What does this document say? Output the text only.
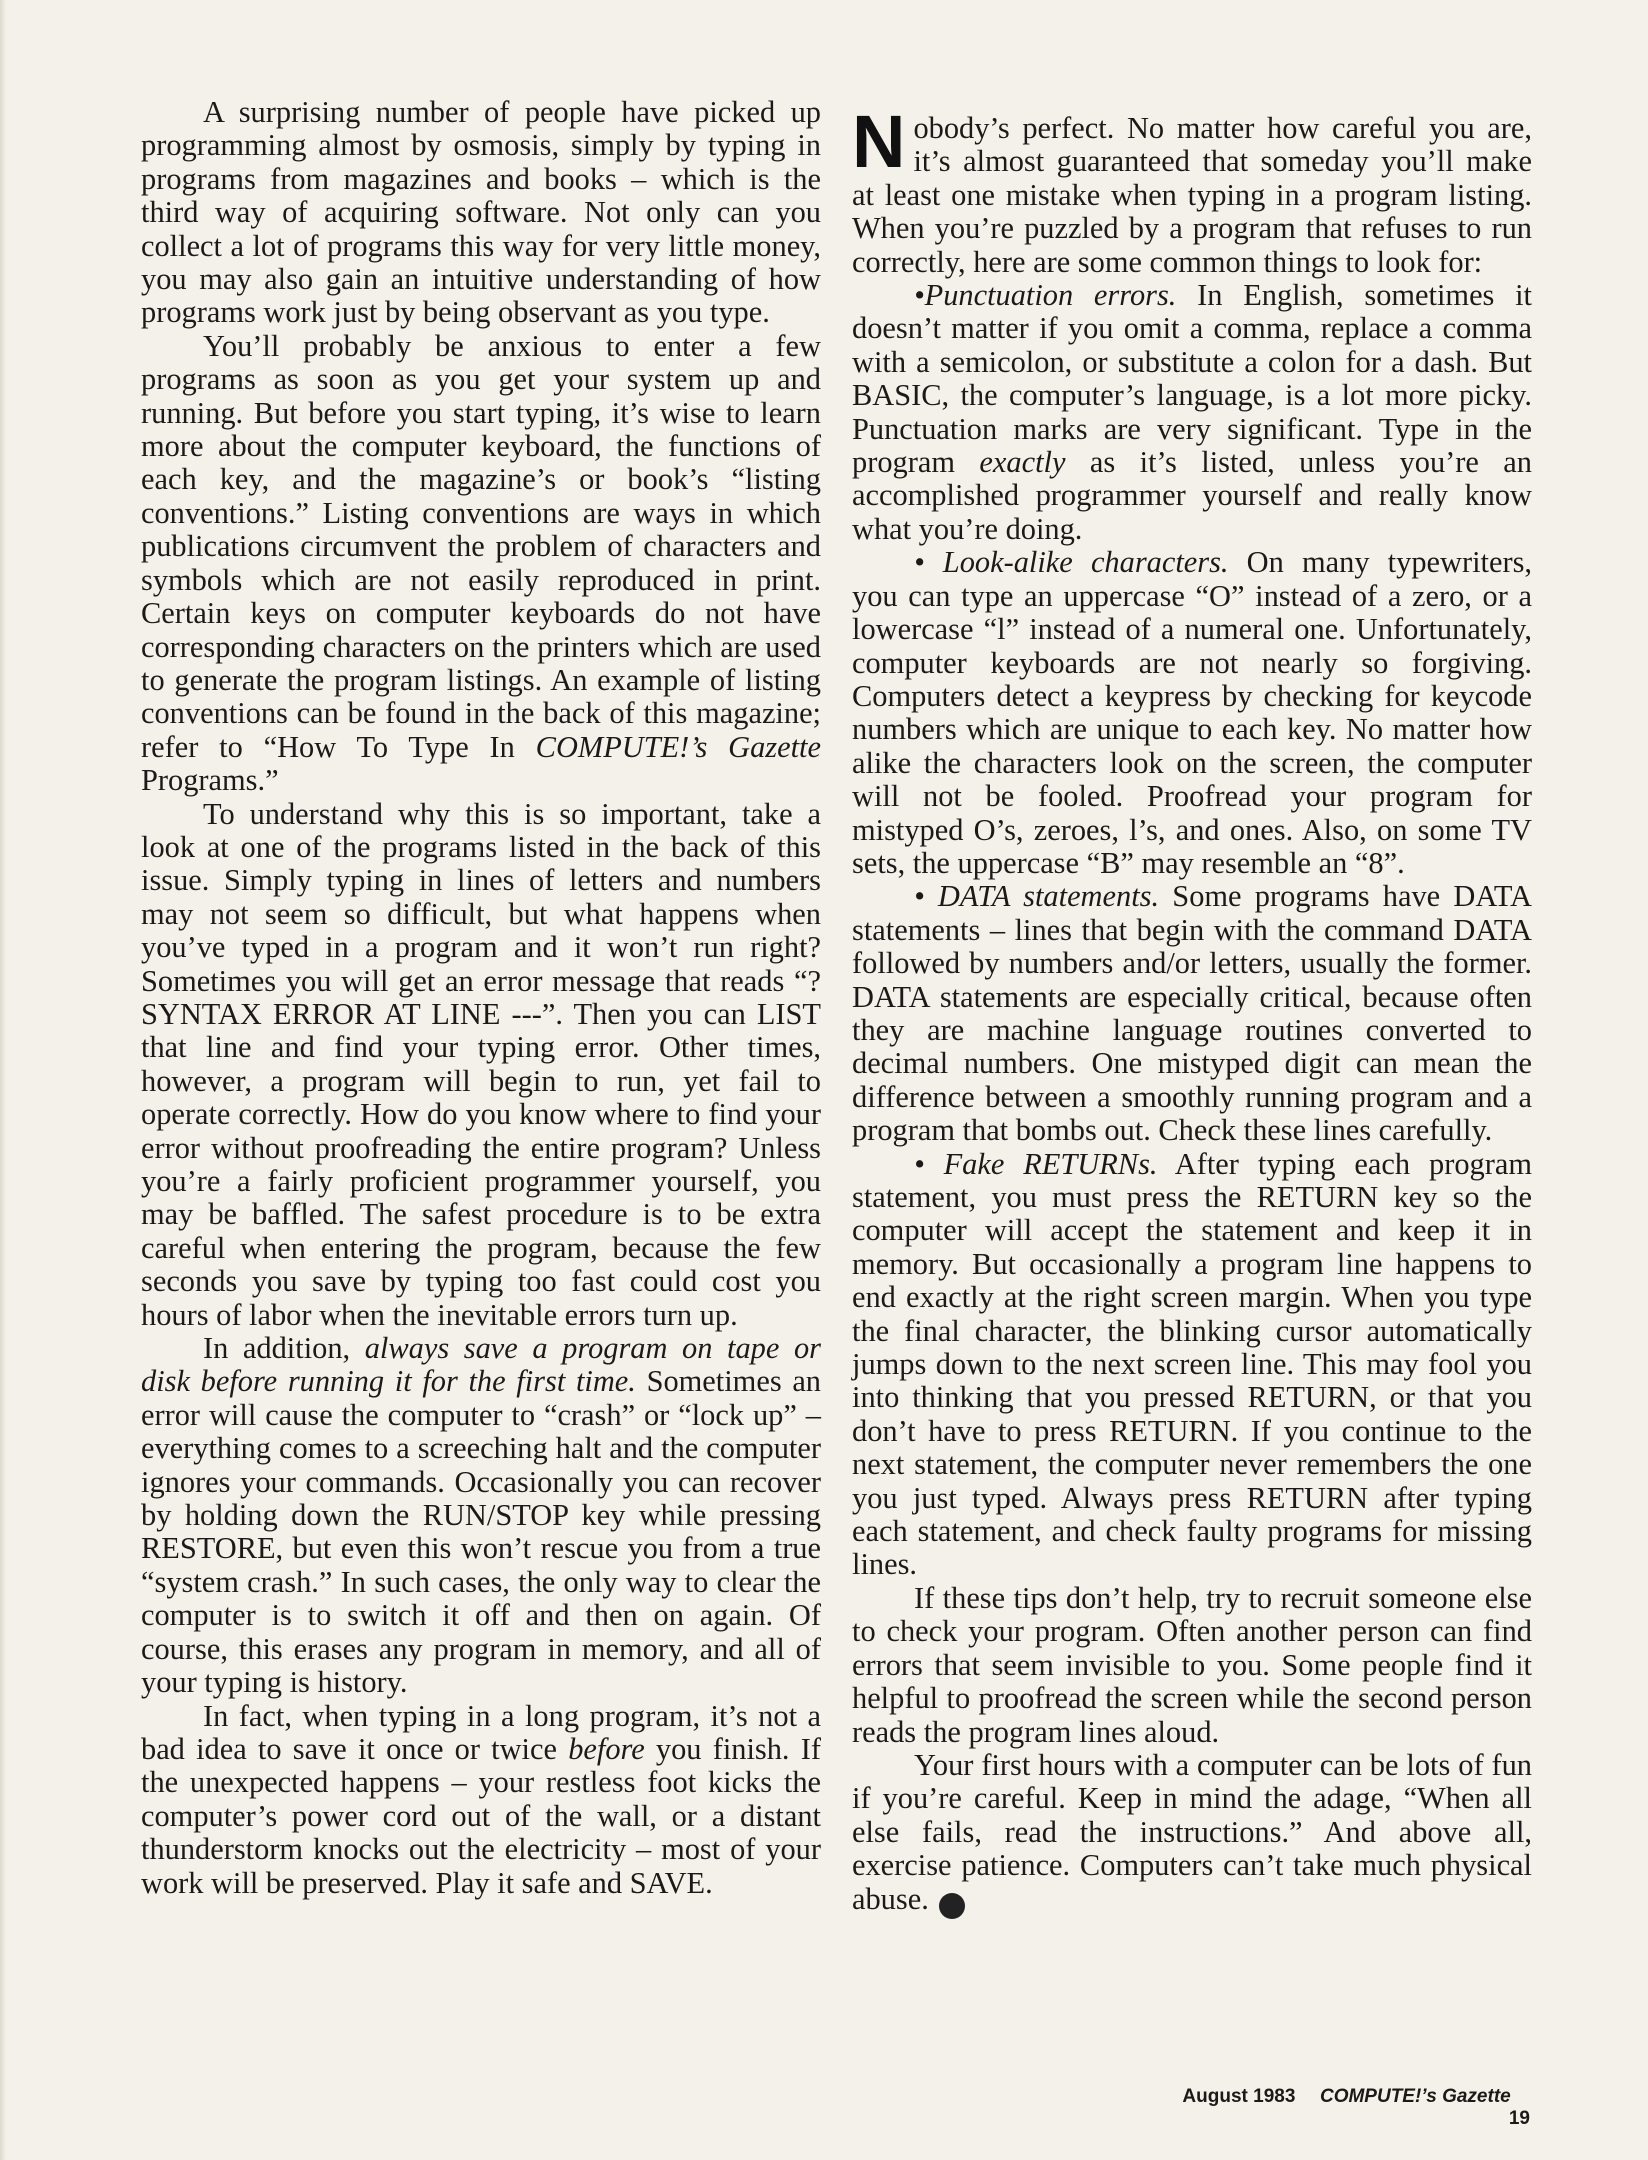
A surprising number of people have picked up programming almost by osmosis, simply by typing in programs from magazines and books – which is the third way of acquiring software. Not only can you collect a lot of programs this way for very little money, you may also gain an intuitive understanding of how programs work just by being observant as you type.

You’ll probably be anxious to enter a few programs as soon as you get your system up and running. But before you start typing, it’s wise to learn more about the computer keyboard, the functions of each key, and the magazine’s or book’s “listing conventions.” Listing conventions are ways in which publications circumvent the problem of characters and symbols which are not easily reproduced in print. Certain keys on computer keyboards do not have corresponding characters on the printers which are used to generate the program listings. An example of listing conventions can be found in the back of this magazine; refer to “How To Type In COMPUTE!’s Gazette Programs.”

To understand why this is so important, take a look at one of the programs listed in the back of this issue. Simply typing in lines of letters and numbers may not seem so difficult, but what happens when you’ve typed in a program and it won’t run right? Sometimes you will get an error message that reads “?SYNTAX ERROR AT LINE ---”. Then you can LIST that line and find your typing error. Other times, however, a program will begin to run, yet fail to operate correctly. How do you know where to find your error without proofreading the entire program? Unless you’re a fairly proficient programmer yourself, you may be baffled. The safest procedure is to be extra careful when entering the program, because the few seconds you save by typing too fast could cost you hours of labor when the inevitable errors turn up.

In addition, always save a program on tape or disk before running it for the first time. Sometimes an error will cause the computer to “crash” or “lock up” – everything comes to a screeching halt and the computer ignores your commands. Occasionally you can recover by holding down the RUN/STOP key while pressing RESTORE, but even this won’t rescue you from a true “system crash.” In such cases, the only way to clear the computer is to switch it off and then on again. Of course, this erases any program in memory, and all of your typing is history.

In fact, when typing in a long program, it’s not a bad idea to save it once or twice before you finish. If the unexpected happens – your restless foot kicks the computer’s power cord out of the wall, or a distant thunderstorm knocks out the electricity – most of your work will be preserved. Play it safe and SAVE.

Nobody’s perfect. No matter how careful you are, it’s almost guaranteed that someday you’ll make at least one mistake when typing in a program listing. When you’re puzzled by a program that refuses to run correctly, here are some common things to look for:

•Punctuation errors. In English, sometimes it doesn’t matter if you omit a comma, replace a comma with a semicolon, or substitute a colon for a dash. But BASIC, the computer’s language, is a lot more picky. Punctuation marks are very significant. Type in the program exactly as it’s listed, unless you’re an accomplished programmer yourself and really know what you’re doing.

• Look-alike characters. On many typewriters, you can type an uppercase “O” instead of a zero, or a lowercase “l” instead of a numeral one. Unfortunately, computer keyboards are not nearly so forgiving. Computers detect a keypress by checking for keycode numbers which are unique to each key. No matter how alike the characters look on the screen, the computer will not be fooled. Proofread your program for mistyped O’s, zeroes, l’s, and ones. Also, on some TV sets, the uppercase “B” may resemble an “8”.

• DATA statements. Some programs have DATA statements – lines that begin with the command DATA followed by numbers and/or letters, usually the former. DATA statements are especially critical, because often they are machine language routines converted to decimal numbers. One mistyped digit can mean the difference between a smoothly running program and a program that bombs out. Check these lines carefully.

• Fake RETURNs. After typing each program statement, you must press the RETURN key so the computer will accept the statement and keep it in memory. But occasionally a program line happens to end exactly at the right screen margin. When you type the final character, the blinking cursor automatically jumps down to the next screen line. This may fool you into thinking that you pressed RETURN, or that you don’t have to press RETURN. If you continue to the next statement, the computer never remembers the one you just typed. Always press RETURN after typing each statement, and check faulty programs for missing lines.

If these tips don’t help, try to recruit someone else to check your program. Often another person can find errors that seem invisible to you. Some people find it helpful to proofread the screen while the second person reads the program lines aloud.

Your first hours with a computer can be lots of fun if you’re careful. Keep in mind the adage, “When all else fails, read the instructions.” And above all, exercise patience. Computers can’t take much physical abuse.	G

August 1983 COMPUTE!’s Gazette  19
